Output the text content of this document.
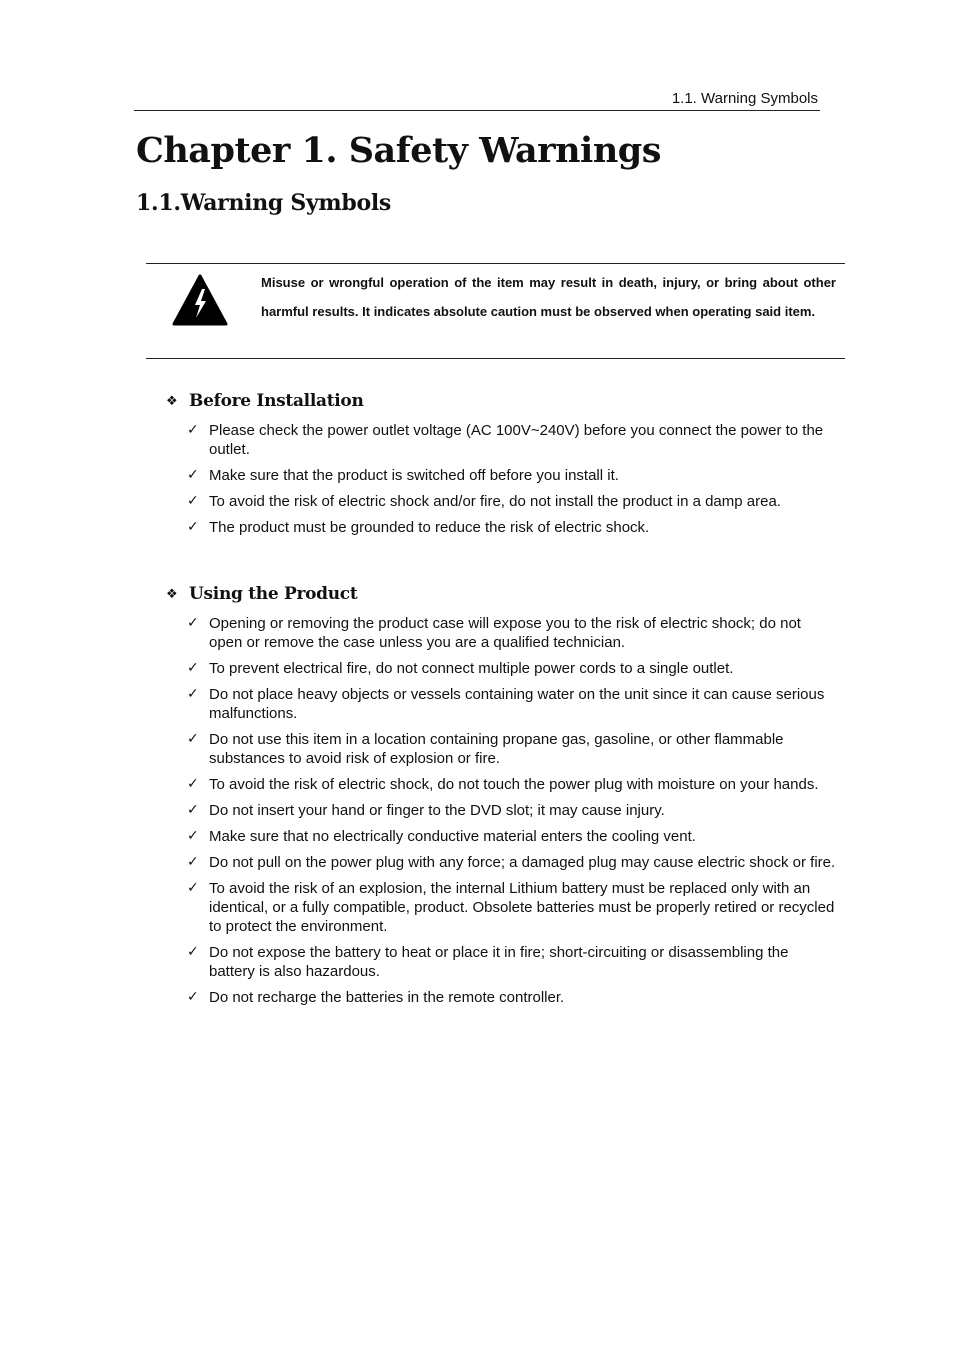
1.1. Warning Symbols
Chapter 1. Safety Warnings
1.1.Warning Symbols

Misuse or wrongful operation of the item may result in death, injury, or bring about other harmful results. It indicates absolute caution must be observed when operating said item.

❖ Before Installation
✓ Please check the power outlet voltage (AC 100V~240V) before you connect the power to the outlet.
✓ Make sure that the product is switched off before you install it.
✓ To avoid the risk of electric shock and/or fire, do not install the product in a damp area.
✓ The product must be grounded to reduce the risk of electric shock.
❖ Using the Product
✓ Opening or removing the product case will expose you to the risk of electric shock; do not open or remove the case unless you are a qualified technician.
✓ To prevent electrical fire, do not connect multiple power cords to a single outlet.
✓ Do not place heavy objects or vessels containing water on the unit since it can cause serious malfunctions.
✓ Do not use this item in a location containing propane gas, gasoline, or other flammable substances to avoid risk of explosion or fire.
✓ To avoid the risk of electric shock, do not touch the power plug with moisture on your hands.
✓ Do not insert your hand or finger to the DVD slot; it may cause injury.
✓ Make sure that no electrically conductive material enters the cooling vent.
✓ Do not pull on the power plug with any force; a damaged plug may cause electric shock or fire.
✓ To avoid the risk of an explosion, the internal Lithium battery must be replaced only with an identical, or a fully compatible, product. Obsolete batteries must be properly retired or recycled to protect the environment.
✓ Do not expose the battery to heat or place it in fire; short-circuiting or disassembling the battery is also hazardous.
✓ Do not recharge the batteries in the remote controller.
